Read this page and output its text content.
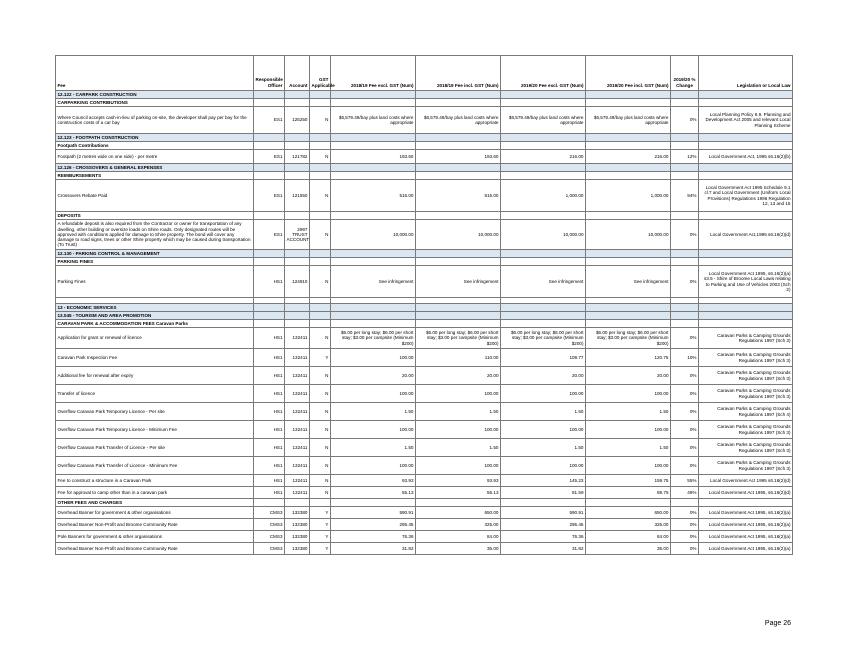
Fee	Responsible Officer	Account	GST Applicable	2018/19 Fee excl. GST (Num)	2018/19 Fee incl. GST (Num)	2019/20 Fee excl. GST (Num)	2019/20 Fee incl. GST (Num)	2019/20 % Change	Legislation or Local Law
12.122 - CARPARK CONSTRUCTION									
CARPARKING CONTRIBUTIONS									
Where Council accepts cash-in-lieu of parking on-site, the developer shall pay per bay for the construction costs of a car bay	ES1	125250	N	$6,579.49/bay plus land costs where appropriate	$6,579.49/bay plus land costs where appropriate	$6,579.49/bay plus land costs where appropriate	$6,579.49/bay plus land costs where appropriate	0%	Local Planning Policy 8.9. Planning and Development Act 2005 and relevant Local Planning Scheme
12.123 - FOOTPATH CONSTRUCTION									
Footpath Contributions									
Footpath (2 metres wide on one side) - per metre	ES1	121782	N	193.60	193.60	216.00	216.00	12%	Local Government Act, 1995 s6.16(2)(b)
12.126 - CROSSOVERS & GENERAL EXPENSES									
REIMBURSEMENTS									
Crossovers Rebate Paid	ES1	121550	N	515.00	515.00	1,000.00	1,000.00	94%	Local Government Act 1995 Schedule 9.1 cl.7 and Local Government (Uniform Local Provisions) Regulations 1996 Regulation 12, 13 and 15
DEPOSITS									
A refundable deposit is also required from the Contractor or owner for transportation of any dwelling, other building or oversize loads on Shire roads. Only designated routes will be approved with conditions applied for damage to Shire property. The bond will cover any damage to road signs, trees or other Shire property which may be caused during transportation (To Trust)	ES1	2997 TRUST ACCOUNT	N	10,000.00	10,000.00	10,000.00	10,000.00	0%	Local Government Act,1995 s6.16(2)(d)
12.130 - PARKING CONTROL & MANAGEMENT									
PARKING FINES									
Parking Fines	HS1	124910	N	See infringement	See infringement	See infringement	See infringement	0%	Local Government Act 1995, s6.16(2)(a) s3.5 - Shire of Broome Local Laws relating to Parking and Use of Vehicles 2003 (Sch 2)

13 - ECONOMIC SERVICES									
13.045 - TOURISM AND AREA PROMOTION									
CARAVAN PARK & ACCOMMODATION FEES Caravan Parks									
Application for grant or renewal of licence	HS1	132411	N	$6.00 per long stay; $6.00 per short stay; $3.00 per campsite (Minimum $200)	$6.00 per long stay; $6.00 per short stay; $3.00 per campsite (Minimum $200)	$6.00 per long stay; $6.00 per short stay; $3.00 per campsite (Minimum $200)	$6.00 per long stay; $6.00 per short stay; $3.00 per campsite (Minimum $200)	0%	Caravan Parks & Camping Grounds Regulations 1997 (Sch 3)
Caravan Park Inspection Fee	HS1	132411	Y	100.00	110.00	109.77	120.75	10%	Caravan Parks & Camping Grounds Regulations 1997 (Sch 3)
Additional fee for renewal after expiry	HS1	132411	N	20.00	20.00	20.00	20.00	0%	Caravan Parks & Camping Grounds Regulations 1997 (Sch 3)
Transfer of licence	HS1	132411	N	100.00	100.00	100.00	100.00	0%	Caravan Parks & Camping Grounds Regulations 1997 (Sch 3)
Overflow Caravan Park Temporary Licence - Per site	HS1	132411	N	1.50	1.50	1.50	1.50	0%	Caravan Parks & Camping Grounds Regulations 1997 (Sch 4)
Overflow Caravan Park Temporary Licence - Minimum Fee	HS1	132411	N	100.00	100.00	100.00	100.00	0%	Caravan Parks & Camping Grounds Regulations 1997 (Sch 3)
Overflow Caravan Park Transfer of Licence - Per site	HS1	132411	N	1.50	1.50	1.50	1.50	0%	Caravan Parks & Camping Grounds Regulations 1997 (Sch 3)
Overflow Caravan Park Transfer of Licence - Minimum Fee	HS1	132411	N	100.00	100.00	100.00	100.00	0%	Caravan Parks & Camping Grounds Regulations 1997 (Sch 3)
Fee to construct a structure in a Caravan Park	HS1	132411	N	93.93	93.93	145.23	159.75	55%	Local Government Act 1995 s6.16(2)(d)
Fee for approval to camp other than in a caravan park	HS1	132411	N	55.13	55.13	81.59	89.75	48%	Local Government Act 1995, s6.16(2)(d)
OTHER FEES AND CHARGES									
Overhead Banner for government & other organisations	CMS3	132380	Y	590.91	650.00	590.91	650.00	0%	Local Government Act 1995, s6.16(2)(a)
Overhead Banner Non-Profit and Broome Community Rate	CMS3	132380	Y	295.45	325.00	295.45	325.00	0%	Local Government Act 1995, s6.16(2)(a)
Pole Banners for government & other organisations	CMS3	132380	Y	76.36	84.00	76.36	84.00	0%	Local Government Act 1995, s6.16(2)(a)
Overhead Banner Non-Profit and Broome Community Rate	CMS3	132380	Y	31.82	35.00	31.82	35.00	0%	Local Government Act 1995, s6.16(2)(a)
Page 26
